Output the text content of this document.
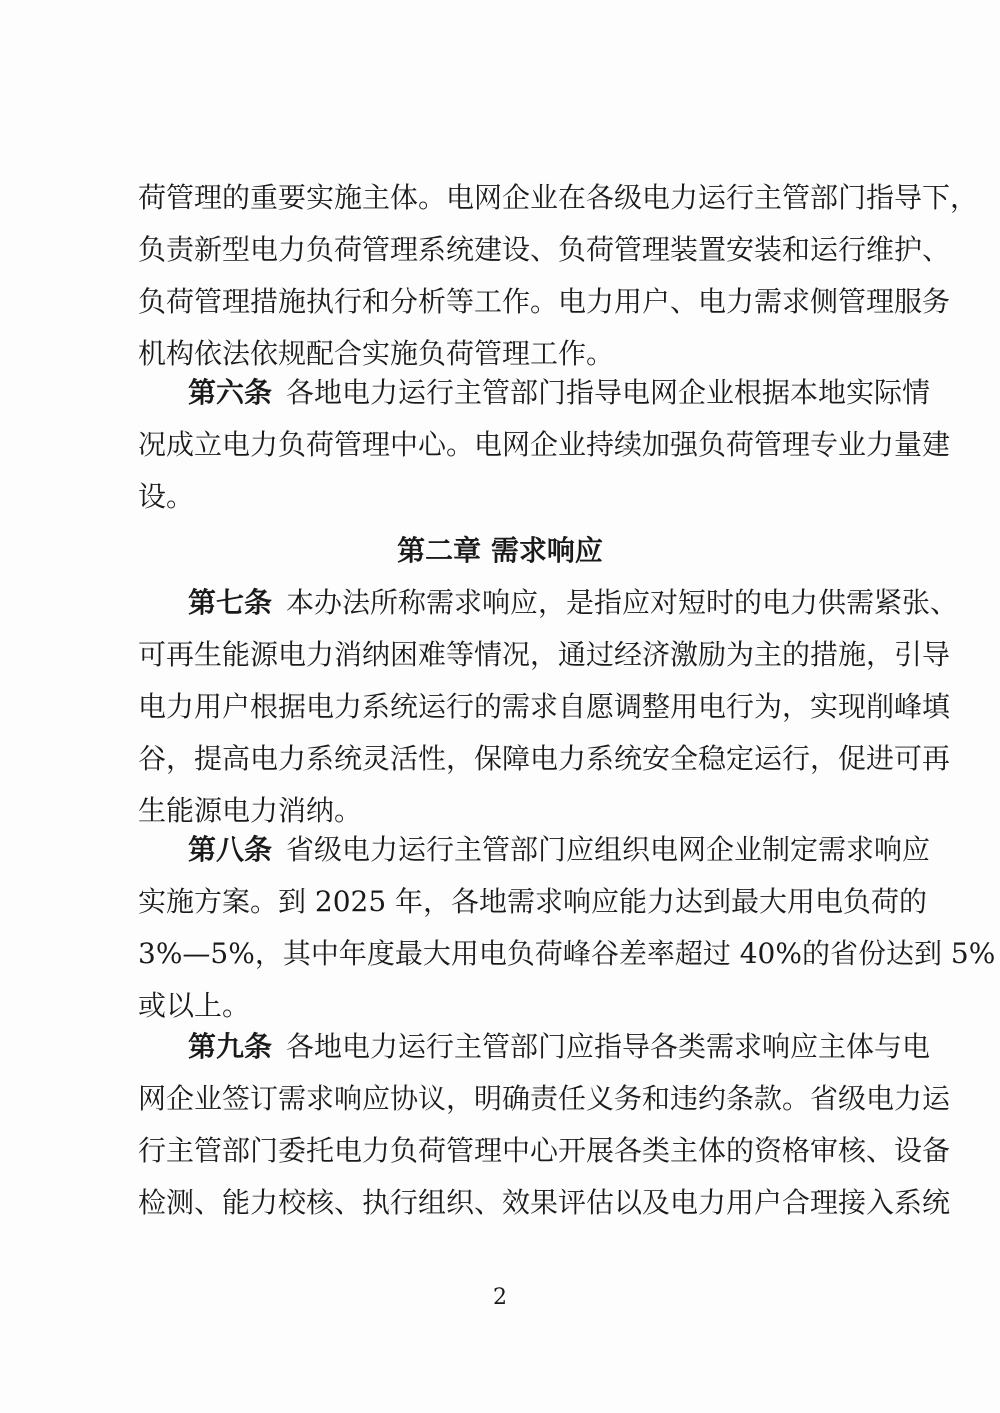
荷管理的重要实施主体。电网企业在各级电力运行主管部门指导下，
负责新型电力负荷管理系统建设、负荷管理装置安装和运行维护、
负荷管理措施执行和分析等工作。电力用户、电力需求侧管理服务
机构依法依规配合实施负荷管理工作。
第六条  各地电力运行主管部门指导电网企业根据本地实际情
况成立电力负荷管理中心。电网企业持续加强负荷管理专业力量建
设。
第二章 需求响应
第七条  本办法所称需求响应，是指应对短时的电力供需紧张、
可再生能源电力消纳困难等情况，通过经济激励为主的措施，引导
电力用户根据电力系统运行的需求自愿调整用电行为，实现削峰填
谷，提高电力系统灵活性，保障电力系统安全稳定运行，促进可再
生能源电力消纳。
第八条  省级电力运行主管部门应组织电网企业制定需求响应
实施方案。到 2025 年，各地需求响应能力达到最大用电负荷的
3%—5%，其中年度最大用电负荷峰谷差率超过 40%的省份达到 5%
或以上。
第九条  各地电力运行主管部门应指导各类需求响应主体与电
网企业签订需求响应协议，明确责任义务和违约条款。省级电力运
行主管部门委托电力负荷管理中心开展各类主体的资格审核、设备
检测、能力校核、执行组织、效果评估以及电力用户合理接入系统
2
